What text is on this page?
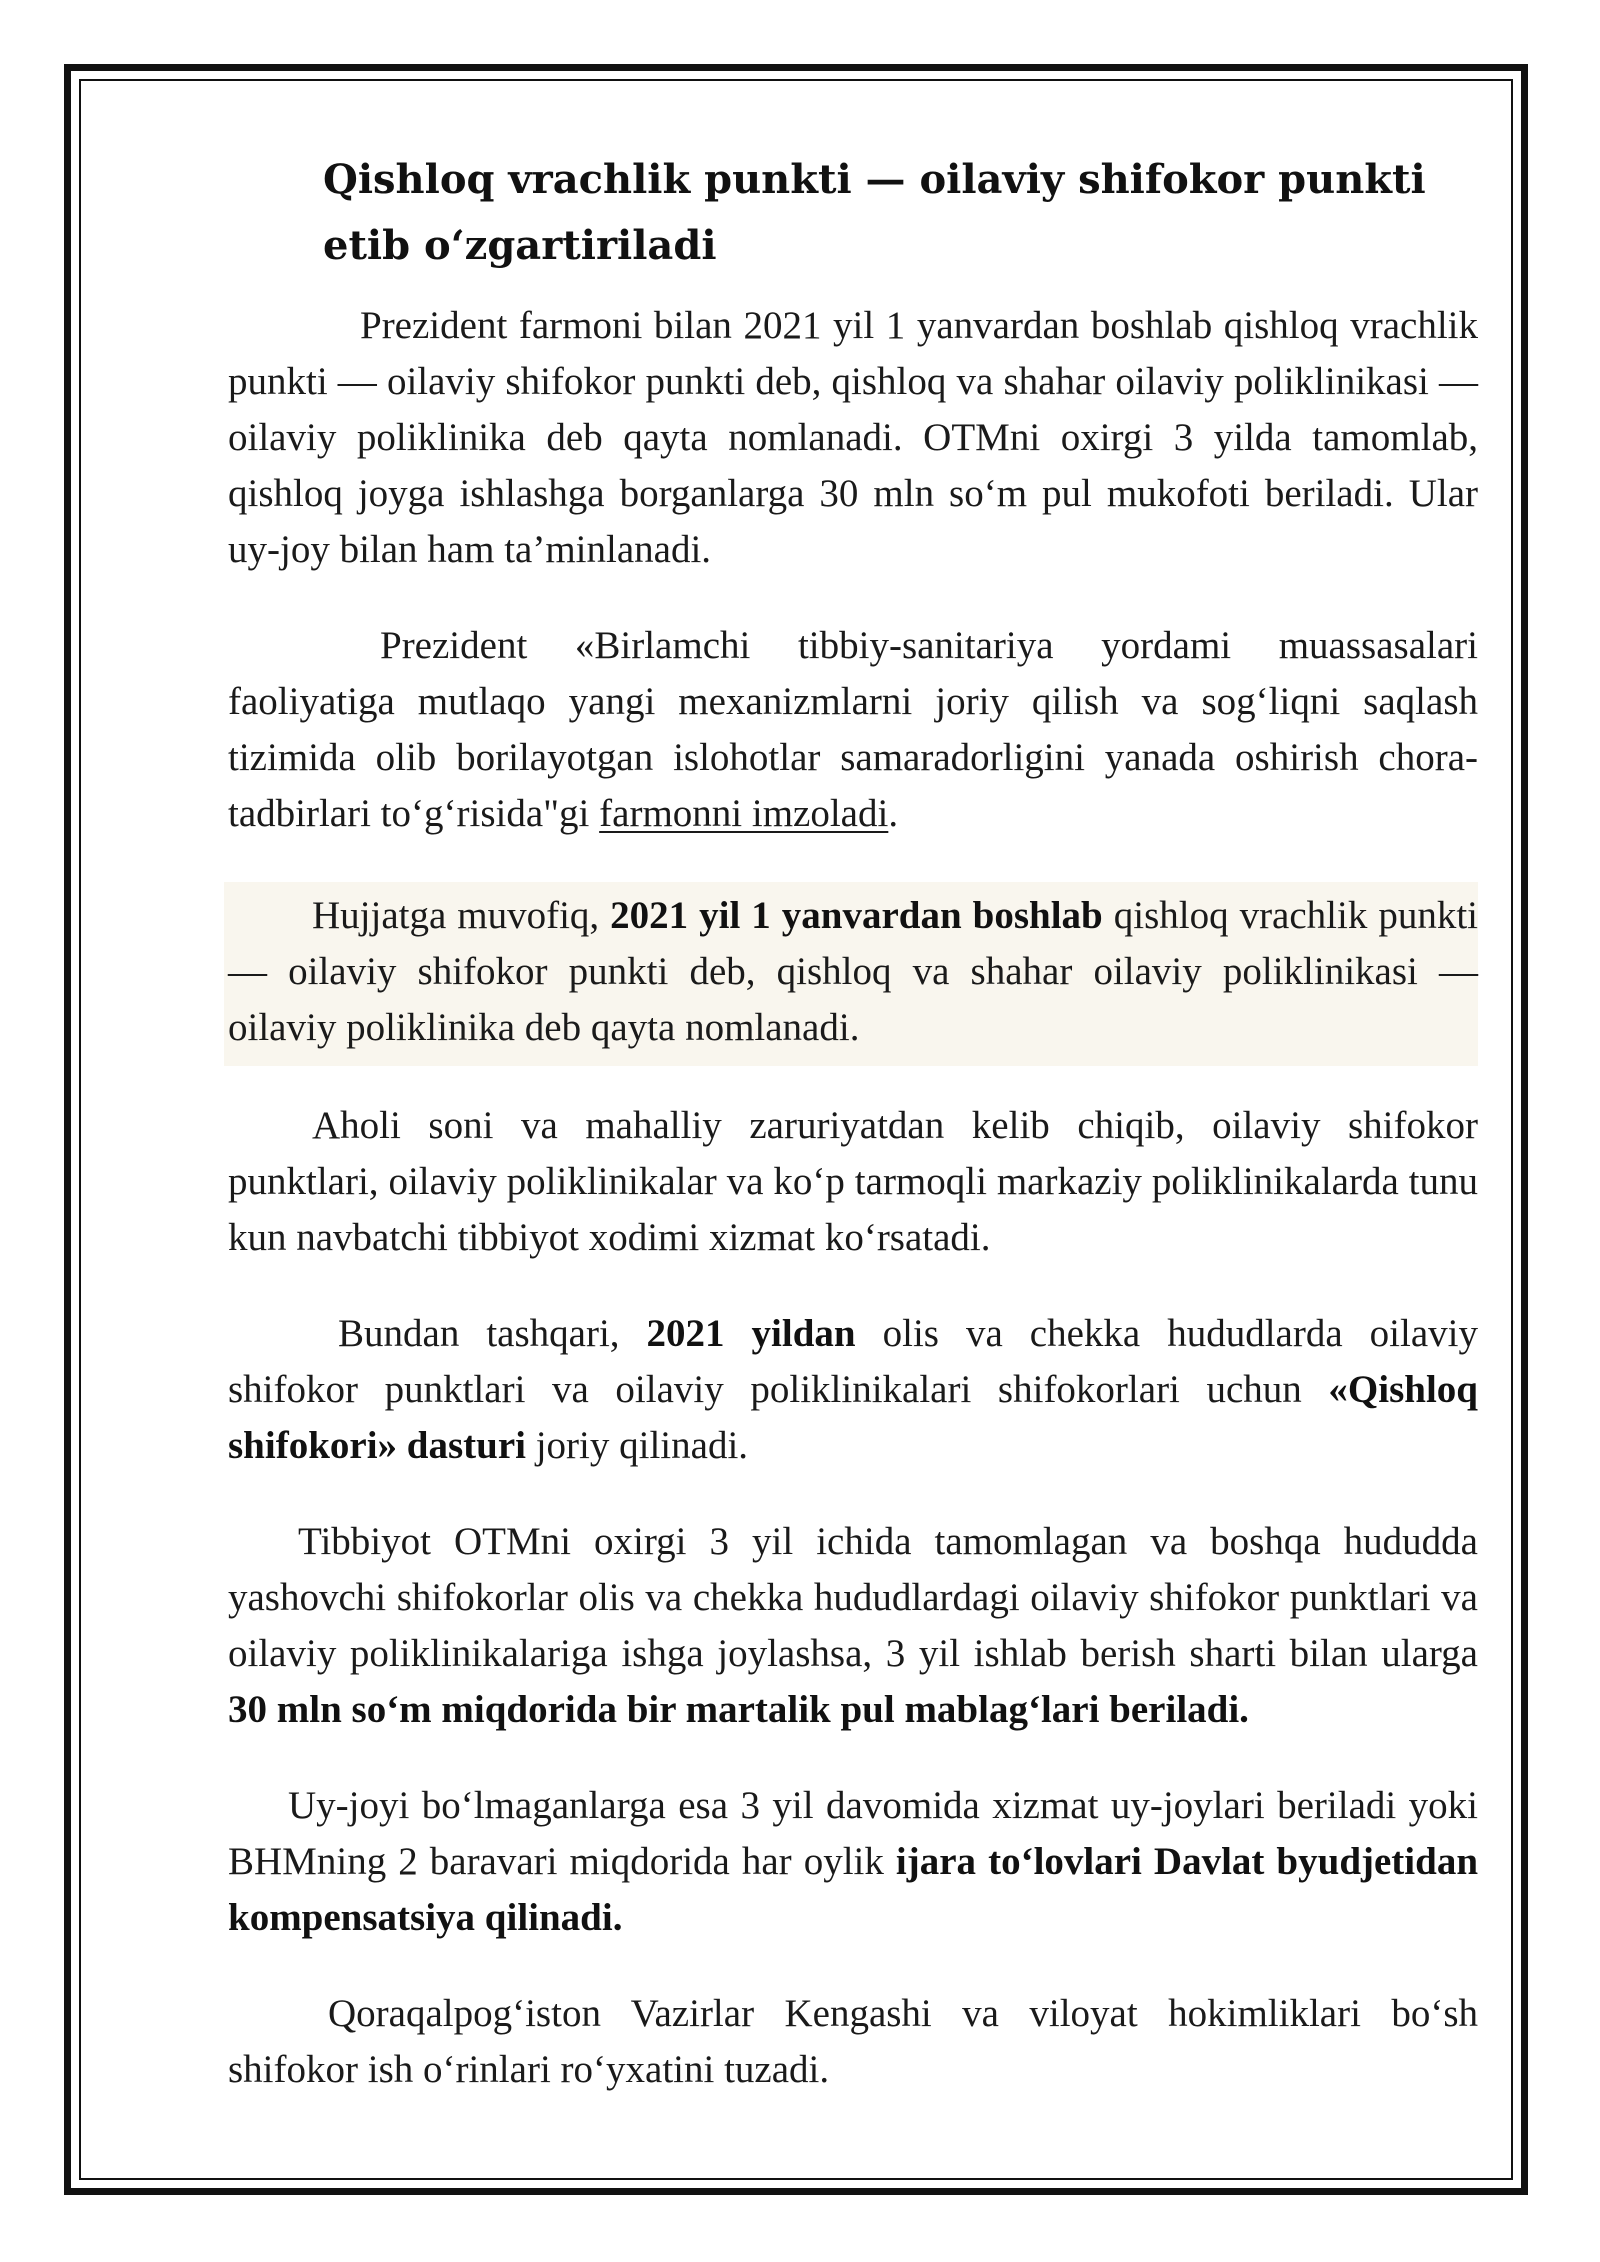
Qishloq vrachlik punkti — oilaviy shifokor punkti
etib o‘zgartiriladi

Prezident farmoni bilan 2021 yil 1 yanvardan boshlab qishloq vrachlik punkti — oilaviy shifokor punkti deb, qishloq va shahar oilaviy poliklinikasi — oilaviy poliklinika deb qayta nomlanadi. OTMni oxirgi 3 yilda tamomlab, qishloq joyga ishlashga borganlarga 30 mln so‘m pul mukofoti beriladi. Ular uy-joy bilan ham ta’minlanadi.

Prezident «Birlamchi tibbiy-sanitariya yordami muassasalari faoliyatiga mutlaqo yangi mexanizmlarni joriy qilish va sog‘liqni saqlash tizimida olib borilayotgan islohotlar samaradorligini yanada oshirish chora-tadbirlari to‘g‘risida"gi farmonni imzoladi.

Hujjatga muvofiq, 2021 yil 1 yanvardan boshlab qishloq vrachlik punkti — oilaviy shifokor punkti deb, qishloq va shahar oilaviy poliklinikasi — oilaviy poliklinika deb qayta nomlanadi.

Aholi soni va mahalliy zaruriyatdan kelib chiqib, oilaviy shifokor punktlari, oilaviy poliklinikalar va ko‘p tarmoqli markaziy poliklinikalarda tunu kun navbatchi tibbiyot xodimi xizmat ko‘rsatadi.

Bundan tashqari, 2021 yildan olis va chekka hududlarda oilaviy shifokor punktlari va oilaviy poliklinikalari shifokorlari uchun «Qishloq shifokori» dasturi joriy qilinadi.

Tibbiyot OTMni oxirgi 3 yil ichida tamomlagan va boshqa hududda yashovchi shifokorlar olis va chekka hududlardagi oilaviy shifokor punktlari va oilaviy poliklinikalariga ishga joylashsa, 3 yil ishlab berish sharti bilan ularga 30 mln so‘m miqdorida bir martalik pul mablag‘lari beriladi.

Uy-joyi bo‘lmaganlarga esa 3 yil davomida xizmat uy-joylari beriladi yoki BHMning 2 baravari miqdorida har oylik ijara to‘lovlari Davlat byudjetidan kompensatsiya qilinadi.

Qoraqalpog‘iston Vazirlar Kengashi va viloyat hokimliklari bo‘sh shifokor ish o‘rinlari ro‘yxatini tuzadi.
